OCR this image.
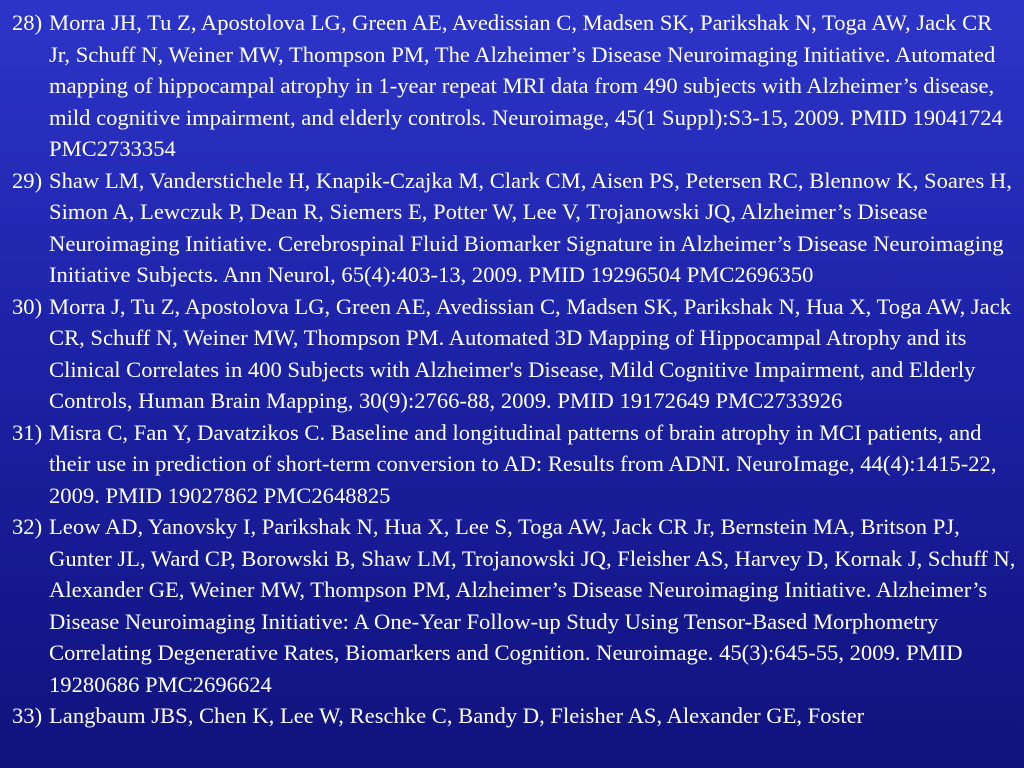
28) Morra JH, Tu Z, Apostolova LG, Green AE, Avedissian C, Madsen SK, Parikshak N, Toga AW, Jack CR Jr, Schuff N, Weiner MW, Thompson PM, The Alzheimer’s Disease Neuroimaging Initiative. Automated mapping of hippocampal atrophy in 1-year repeat MRI data from 490 subjects with Alzheimer’s disease, mild cognitive impairment, and elderly controls. Neuroimage, 45(1 Suppl):S3-15, 2009. PMID 19041724 PMC2733354
29) Shaw LM, Vanderstichele H, Knapik-Czajka M, Clark CM, Aisen PS, Petersen RC, Blennow K, Soares H, Simon A, Lewczuk P, Dean R, Siemers E, Potter W, Lee V, Trojanowski JQ, Alzheimer’s Disease Neuroimaging Initiative. Cerebrospinal Fluid Biomarker Signature in Alzheimer’s Disease Neuroimaging Initiative Subjects. Ann Neurol, 65(4):403-13, 2009. PMID 19296504 PMC2696350
30) Morra J, Tu Z, Apostolova LG, Green AE, Avedissian C, Madsen SK, Parikshak N, Hua X, Toga AW, Jack CR, Schuff N, Weiner MW, Thompson PM. Automated 3D Mapping of Hippocampal Atrophy and its Clinical Correlates in 400 Subjects with Alzheimer's Disease, Mild Cognitive Impairment, and Elderly Controls, Human Brain Mapping, 30(9):2766-88, 2009. PMID 19172649 PMC2733926
31) Misra C, Fan Y, Davatzikos C. Baseline and longitudinal patterns of brain atrophy in MCI patients, and their use in prediction of short-term conversion to AD: Results from ADNI. NeuroImage, 44(4):1415-22, 2009. PMID 19027862 PMC2648825
32) Leow AD, Yanovsky I, Parikshak N, Hua X, Lee S, Toga AW, Jack CR Jr, Bernstein MA, Britson PJ, Gunter JL, Ward CP, Borowski B, Shaw LM, Trojanowski JQ, Fleisher AS, Harvey D, Kornak J, Schuff N, Alexander GE, Weiner MW, Thompson PM, Alzheimer’s Disease Neuroimaging Initiative. Alzheimer’s Disease Neuroimaging Initiative: A One-Year Follow-up Study Using Tensor-Based Morphometry Correlating Degenerative Rates, Biomarkers and Cognition. Neuroimage. 45(3):645-55, 2009. PMID 19280686 PMC2696624
33) Langbaum JBS, Chen K, Lee W, Reschke C, Bandy D, Fleisher AS, Alexander GE, Foster
